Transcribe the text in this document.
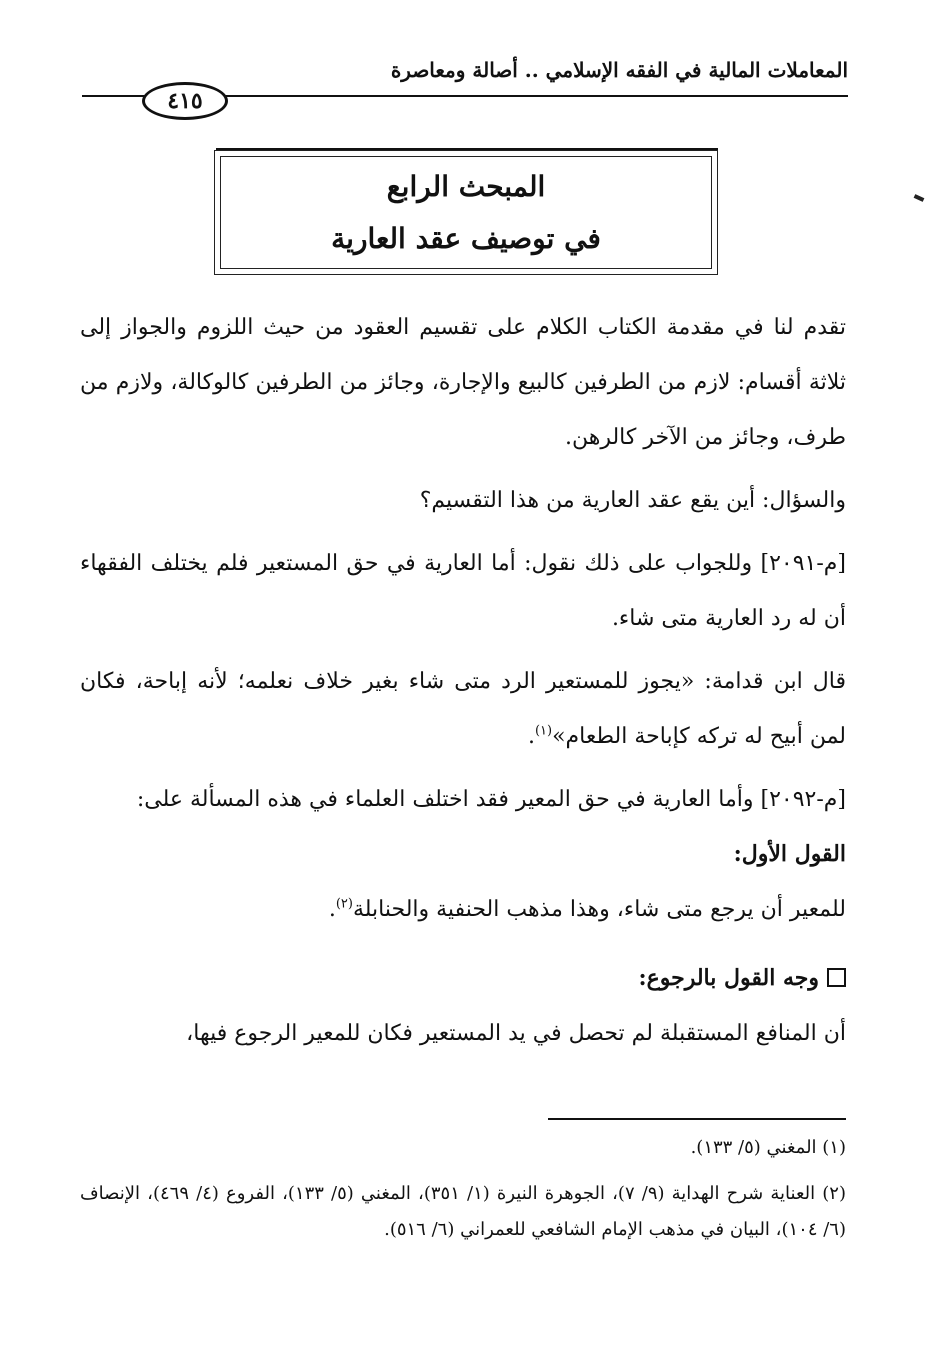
المعاملات المالية في الفقه الإسلامي .. أصالة ومعاصرة
٤١٥
المبحث الرابع
في توصيف عقد العارية

تقدم لنا في مقدمة الكتاب الكلام على تقسيم العقود من حيث اللزوم والجواز إلى ثلاثة أقسام: لازم من الطرفين كالبيع والإجارة، وجائز من الطرفين كالوكالة، ولازم من طرف، وجائز من الآخر كالرهن.

والسؤال: أين يقع عقد العارية من هذا التقسيم؟

[م-٢٠٩١] وللجواب على ذلك نقول: أما العارية في حق المستعير فلم يختلف الفقهاء أن له رد العارية متى شاء.

قال ابن قدامة: «يجوز للمستعير الرد متى شاء بغير خلاف نعلمه؛ لأنه إباحة، فكان لمن أبيح له تركه كإباحة الطعام»$^{(١)}$.

[م-٢٠٩٢] وأما العارية في حق المعير فقد اختلف العلماء في هذه المسألة على:

القول الأول:

للمعير أن يرجع متى شاء، وهذا مذهب الحنفية والحنابلة$^{(٢)}$.

وجه القول بالرجوع:

أن المنافع المستقبلة لم تحصل في يد المستعير فكان للمعير الرجوع فيها،

(١) المغني (٥/ ١٣٣).

(٢) العناية شرح الهداية (٩/ ٧)، الجوهرة النيرة (١/ ٣٥١)، المغني (٥/ ١٣٣)، الفروع (٤/ ٤٦٩)، الإنصاف (٦/ ١٠٤)، البيان في مذهب الإمام الشافعي للعمراني (٦/ ٥١٦).
